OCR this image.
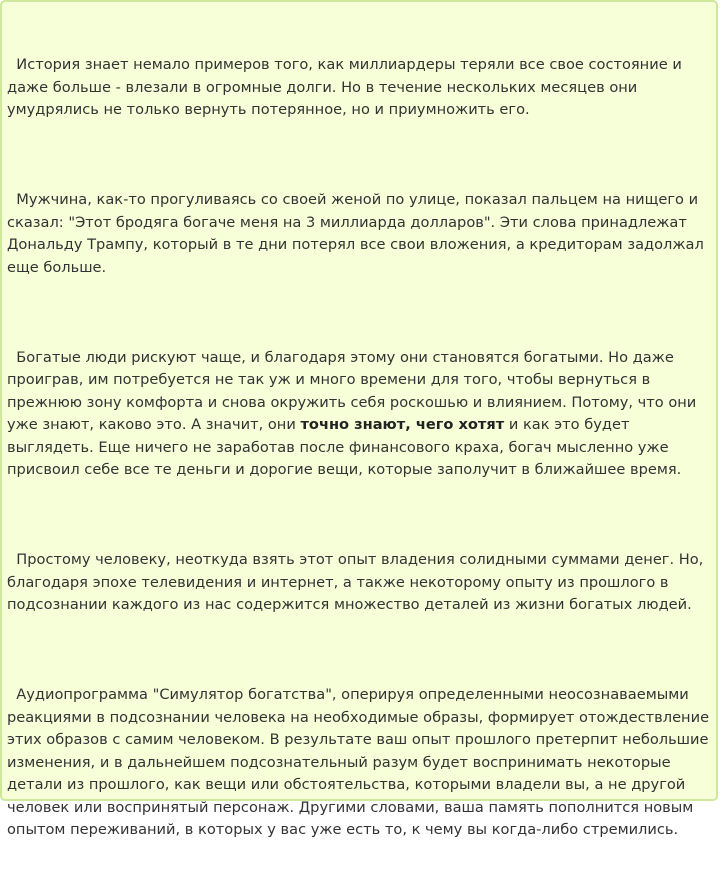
История знает немало примеров того, как миллиардеры теряли все свое состояние и даже больше - влезали в огромные долги. Но в течение нескольких месяцев они умудрялись не только вернуть потерянное, но и приумножить его.

Мужчина, как-то прогуливаясь со своей женой по улице, показал пальцем на нищего и сказал: "Этот бродяга богаче меня на 3 миллиарда долларов". Эти слова принадлежат Дональду Трампу, который в те дни потерял все свои вложения, а кредиторам задолжал еще больше.

Богатые люди рискуют чаще, и благодаря этому они становятся богатыми. Но даже проиграв, им потребуется не так уж и много времени для того, чтобы вернуться в прежнюю зону комфорта и снова окружить себя роскошью и влиянием. Потому, что они уже знают, каково это. А значит, они точно знают, чего хотят и как это будет выглядеть. Еще ничего не заработав после финансового краха, богач мысленно уже присвоил себе все те деньги и дорогие вещи, которые заполучит в ближайшее время.

Простому человеку, неоткуда взять этот опыт владения солидными суммами денег. Но, благодаря эпохе телевидения и интернет, а также некоторому опыту из прошлого в подсознании каждого из нас содержится множество деталей из жизни богатых людей.

Аудиопрограмма "Симулятор богатства", оперируя определенными неосознаваемыми реакциями в подсознании человека на необходимые образы, формирует отождествление этих образов с самим человеком. В результате ваш опыт прошлого претерпит небольшие изменения, и в дальнейшем подсознательный разум будет воспринимать некоторые детали из прошлого, как вещи или обстоятельства, которыми владели вы, а не другой человек или воспринятый персонаж. Другими словами, ваша память пополнится новым опытом переживаний, в которых у вас уже есть то, к чему вы когда-либо стремились.
